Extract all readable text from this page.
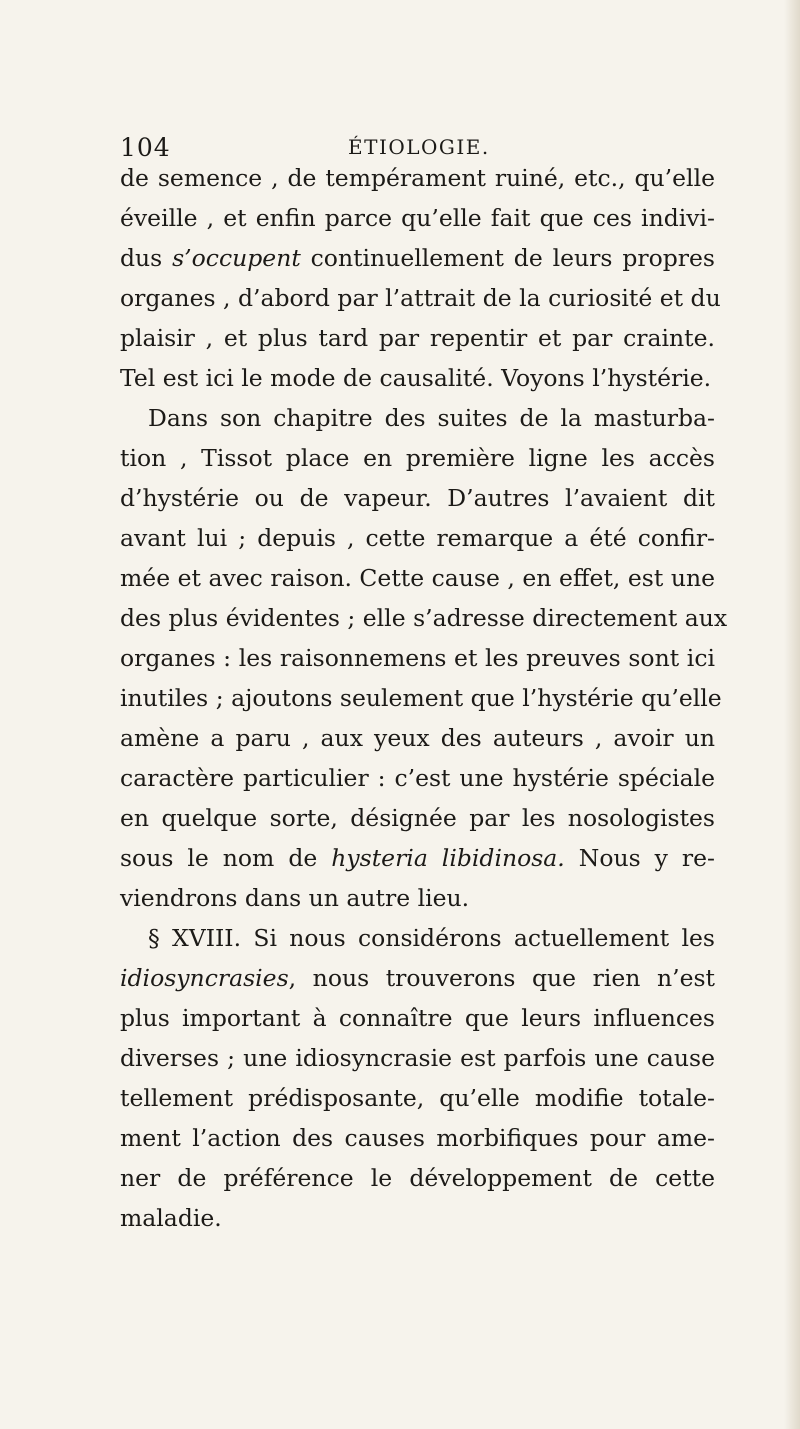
104	ÉTIOLOGIE.
de semence , de tempérament ruiné, etc., qu’elle
éveille , et enfin parce qu’elle fait que ces indivi-
dus s’occupent continuellement de leurs propres
organes , d’abord par l’attrait de la curiosité et du
plaisir , et plus tard par repentir et par crainte.
Tel est ici le mode de causalité. Voyons l’hystérie.
Dans son chapitre des suites de la masturba-
tion , Tissot place en première ligne les accès
d’hystérie ou de vapeur. D’autres l’avaient dit
avant lui ; depuis , cette remarque a été confir-
mée et avec raison. Cette cause , en effet, est une
des plus évidentes ; elle s’adresse directement aux
organes : les raisonnemens et les preuves sont ici
inutiles ; ajoutons seulement que l’hystérie qu’elle
amène a paru , aux yeux des auteurs , avoir un
caractère particulier : c’est une hystérie spéciale
en quelque sorte, désignée par les nosologistes
sous le nom de hysteria libidinosa. Nous y re-
viendrons dans un autre lieu.
§ XVIII. Si nous considérons actuellement les
idiosyncrasies, nous trouverons que rien n’est
plus important à connaître que leurs influences
diverses ; une idiosyncrasie est parfois une cause
tellement prédisposante, qu’elle modifie totale-
ment l’action des causes morbifiques pour ame-
ner de préférence le développement de cette
maladie.
